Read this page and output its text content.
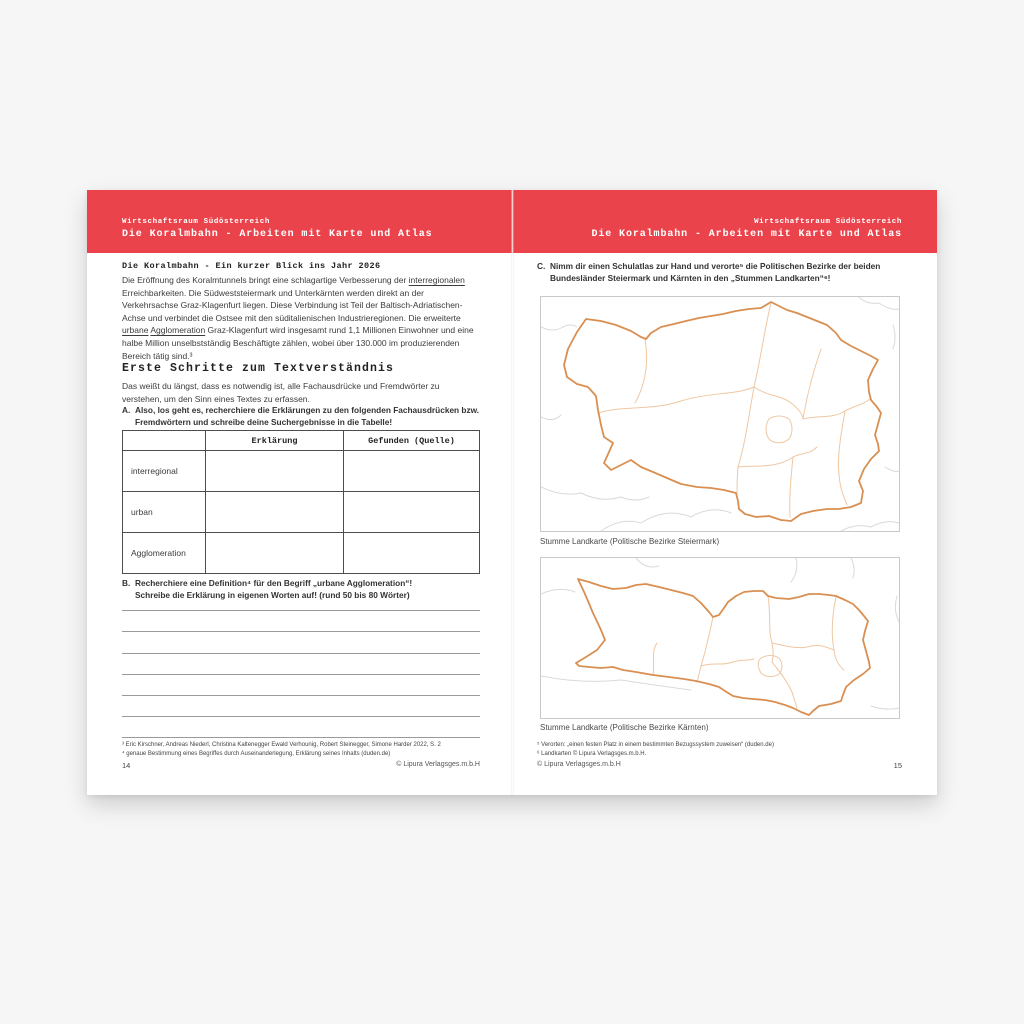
Wirtschaftsraum Südösterreich
Die Koralmbahn - Arbeiten mit Karte und Atlas
Die Koralmbahn - Ein kurzer Blick ins Jahr 2026

Die Eröffnung des Koralmtunnels bringt eine schlagartige Verbesserung der interregionalen Erreichbarkeiten. Die Südweststeiermark und Unterkärnten werden direkt an der Verkehrsachse Graz-Klagenfurt liegen. Diese Verbindung ist Teil der Baltisch-Adriatischen-Achse und verbindet die Ostsee mit den süditalienischen Industrieregionen. Die erweiterte urbane Agglomeration Graz-Klagenfurt wird insgesamt rund 1,1 Millionen Einwohner und eine halbe Million unselbstständig Beschäftigte zählen, wobei über 130.000 im produzierenden Bereich tätig sind.³

Erste Schritte zum Textverständnis

Das weißt du längst, dass es notwendig ist, alle Fachausdrücke und Fremdwörter zu verstehen, um den Sinn eines Textes zu erfassen.

A. Also, los geht es, recherchiere die Erklärungen zu den folgenden Fachausdrücken bzw. Fremdwörtern und schreibe deine Suchergebnisse in die Tabelle!
	Erklärung	Gefunden (Quelle)
interregional		
urban		
Agglomeration		
B. Recherchiere eine Definition⁴ für den Begriff „urbane Agglomeration“!
Schreibe die Erklärung in eigenen Worten auf! (rund 50 bis 80 Wörter)
³ Eric Kirschner, Andreas Niederl, Christina Kaltenegger Ewald Verhounig, Robert Steinegger, Simone Harder 2022, S. 2
⁴ genaue Bestimmung eines Begriffes durch Auseinanderlegung, Erklärung seines Inhalts (duden.de)
14	© Lipura Verlagsges.m.b.H
Wirtschaftsraum Südösterreich
Die Koralmbahn - Arbeiten mit Karte und Atlas
C. Nimm dir einen Schulatlas zur Hand und verorte⁵ die Politischen Bezirke der beiden Bundesländer Steiermark und Kärnten in den „Stummen Landkarten“⁶!
Stumme Landkarte (Politische Bezirke Steiermark)
Stumme Landkarte (Politische Bezirke Kärnten)
⁵ Verorten: „einen festen Platz in einem bestimmten Bezugssystem zuweisen“ (duden.de)
⁶ Landkarten © Lipura Verlagsges.m.b.H.
© Lipura Verlagsges.m.b.H	15
